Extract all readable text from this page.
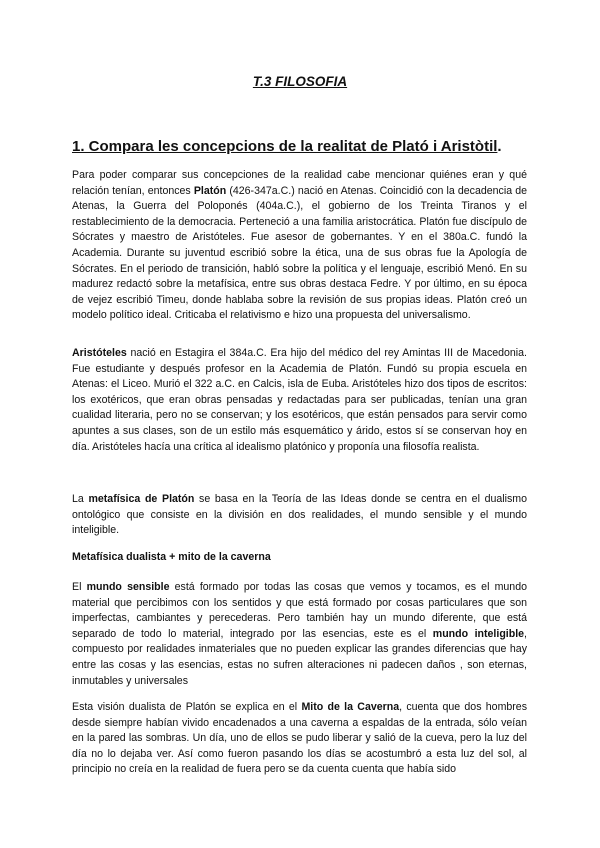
T.3 FILOSOFIA
1. Compara les concepcions de la realitat de Plató i Aristòtil.

Para poder comparar sus concepciones de la realidad cabe mencionar quiénes eran y qué relación tenían, entonces Platón (426-347a.C.) nació en Atenas. Coincidió con la decadencia de Atenas, la Guerra del Poloponés (404a.C.), el gobierno de los Treinta Tiranos y el restablecimiento de la democracia. Perteneció a una familia aristocrática. Platón fue discípulo de Sócrates y maestro de Aristóteles. Fue asesor de gobernantes. Y en el 380a.C. fundó la Academia. Durante su juventud escribió sobre la ética, una de sus obras fue la Apología de Sócrates. En el periodo de transición, habló sobre la política y el lenguaje, escribió Menó. En su madurez redactó sobre la metafísica, entre sus obras destaca Fedre. Y por último, en su época de vejez escribió Timeu, donde hablaba sobre la revisión de sus propias ideas. Platón creó un modelo político ideal. Criticaba el relativismo e hizo una propuesta del universalismo.

Aristóteles nació en Estagira el 384a.C. Era hijo del médico del rey Amintas III de Macedonia. Fue estudiante y después profesor en la Academia de Platón. Fundó su propia escuela en Atenas: el Liceo. Murió el 322 a.C. en Calcis, isla de Euba. Aristóteles hizo dos tipos de escritos: los exotéricos, que eran obras pensadas y redactadas para ser publicadas, tenían una gran cualidad literaria, pero no se conservan; y los esotéricos, que están pensados para servir como apuntes a sus clases, son de un estilo más esquemático y árido, estos sí se conservan hoy en día. Aristóteles hacía una crítica al idealismo platónico y proponía una filosofía realista.

La metafísica de Platón se basa en la Teoría de las Ideas donde se centra en el dualismo ontológico que consiste en la división en dos realidades, el mundo sensible y el mundo inteligible.

Metafísica dualista + mito de la caverna

El mundo sensible está formado por todas las cosas que vemos y tocamos, es el mundo material que percibimos con los sentidos y que está formado por cosas particulares que son imperfectas, cambiantes y perecederas. Pero también hay un mundo diferente, que está separado de todo lo material, integrado por las esencias, este es el mundo inteligible, compuesto por realidades inmateriales que no pueden explicar las grandes diferencias que hay entre las cosas y las esencias, estas no sufren alteraciones ni padecen daños , son eternas, inmutables y universales

Esta visión dualista de Platón se explica en el Mito de la Caverna, cuenta que dos hombres desde siempre habían vivido encadenados a una caverna a espaldas de la entrada, sólo veían en la pared las sombras. Un día, uno de ellos se pudo liberar y salió de la cueva, pero la luz del día no lo dejaba ver. Así como fueron pasando los días se acostumbró a esta luz del sol, al principio no creía en la realidad de fuera pero se da cuenta cuenta que había sido
